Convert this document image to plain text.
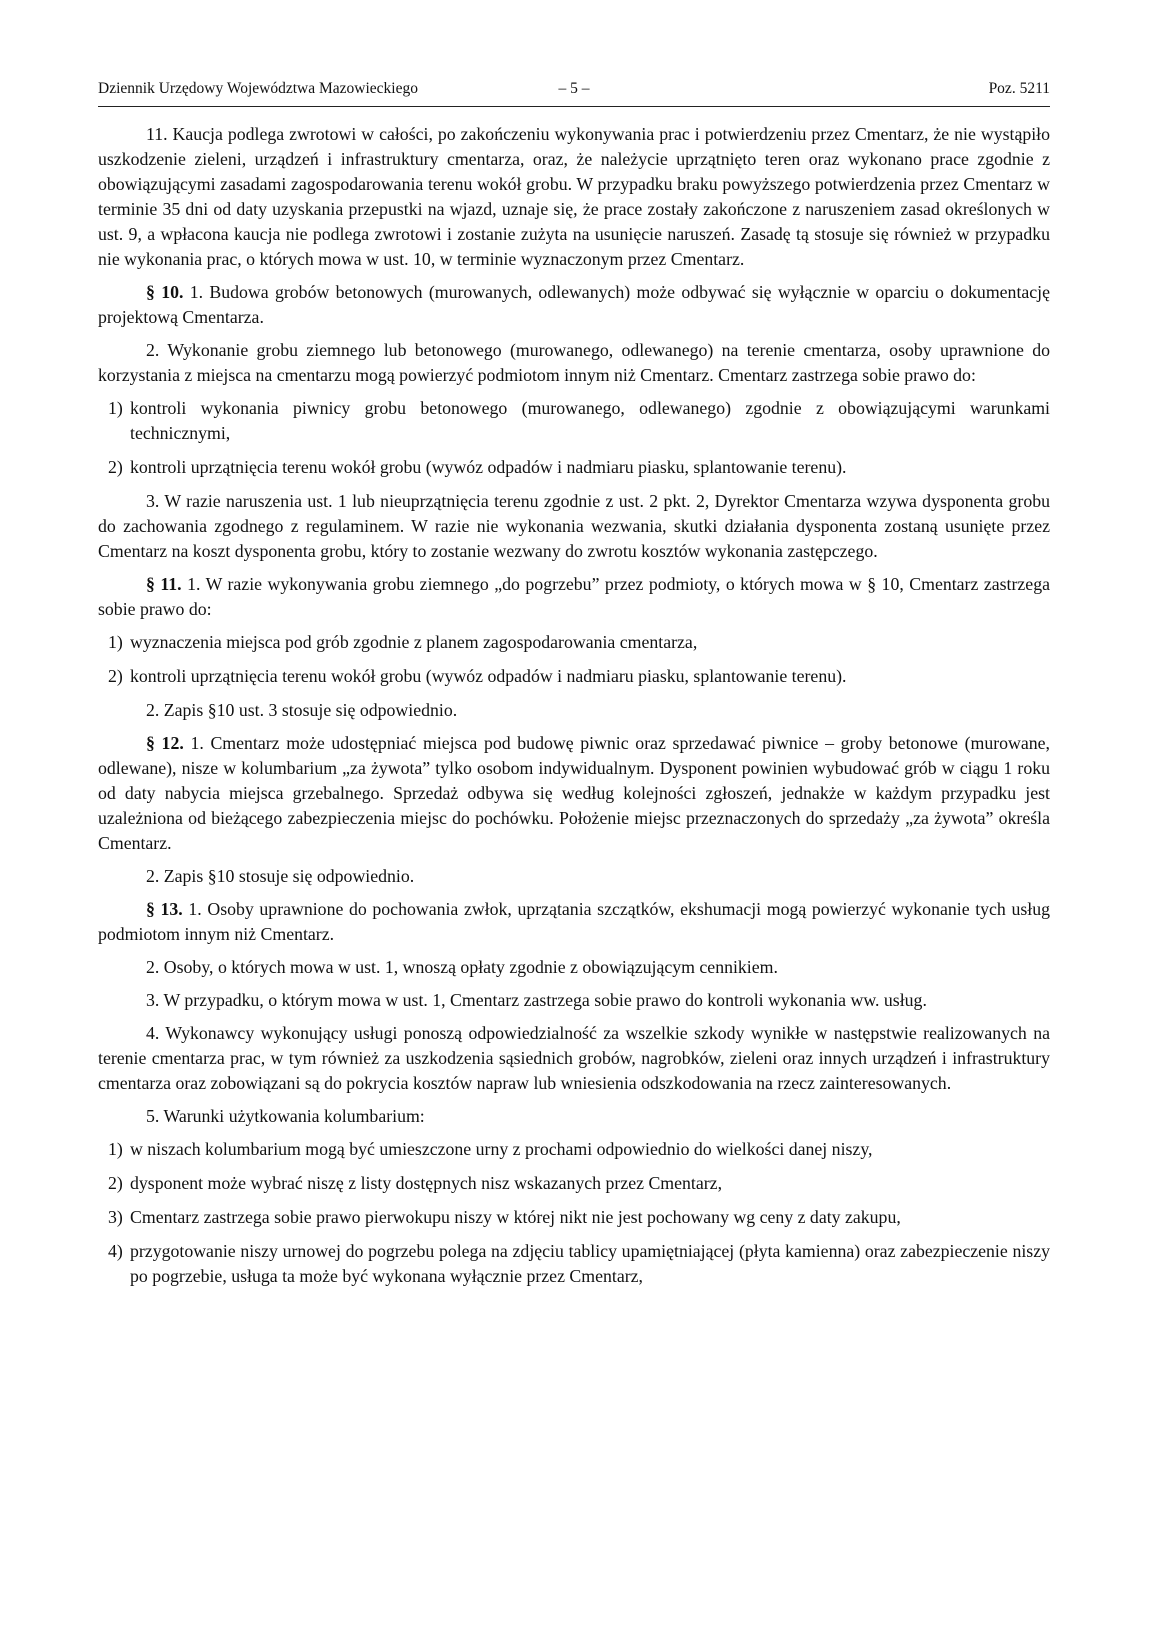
Dziennik Urzędowy Województwa Mazowieckiego	– 5 –	Poz. 5211

11. Kaucja podlega zwrotowi w całości, po zakończeniu wykonywania prac i potwierdzeniu przez Cmentarz, że nie wystąpiło uszkodzenie zieleni, urządzeń i infrastruktury cmentarza, oraz, że należycie uprzątnięto teren oraz wykonano prace zgodnie z obowiązującymi zasadami zagospodarowania terenu wokół grobu. W przypadku braku powyższego potwierdzenia przez Cmentarz w terminie 35 dni od daty uzyskania przepustki na wjazd, uznaje się, że prace zostały zakończone z naruszeniem zasad określonych w ust. 9, a wpłacona kaucja nie podlega zwrotowi i zostanie zużyta na usunięcie naruszeń. Zasadę tą stosuje się również w przypadku nie wykonania prac, o których mowa w ust. 10, w terminie wyznaczonym przez Cmentarz.

§ 10. 1. Budowa grobów betonowych (murowanych, odlewanych) może odbywać się wyłącznie w oparciu o dokumentację projektową Cmentarza.

2. Wykonanie grobu ziemnego lub betonowego (murowanego, odlewanego) na terenie cmentarza, osoby uprawnione do korzystania z miejsca na cmentarzu mogą powierzyć podmiotom innym niż Cmentarz. Cmentarz zastrzega sobie prawo do:

1) kontroli wykonania piwnicy grobu betonowego (murowanego, odlewanego) zgodnie z obowiązującymi warunkami technicznymi,

2) kontroli uprzątnięcia terenu wokół grobu (wywóz odpadów i nadmiaru piasku, splantowanie terenu).

3. W razie naruszenia ust. 1 lub nieuprzątnięcia terenu zgodnie z ust. 2 pkt. 2, Dyrektor Cmentarza wzywa dysponenta grobu do zachowania zgodnego z regulaminem. W razie nie wykonania wezwania, skutki działania dysponenta zostaną usunięte przez Cmentarz na koszt dysponenta grobu, który to zostanie wezwany do zwrotu kosztów wykonania zastępczego.

§ 11. 1. W razie wykonywania grobu ziemnego „do pogrzebu” przez podmioty, o których mowa w § 10, Cmentarz zastrzega sobie prawo do:

1) wyznaczenia miejsca pod grób zgodnie z planem zagospodarowania cmentarza,

2) kontroli uprzątnięcia terenu wokół grobu (wywóz odpadów i nadmiaru piasku, splantowanie terenu).

2. Zapis §10 ust. 3 stosuje się odpowiednio.

§ 12. 1. Cmentarz może udostępniać miejsca pod budowę piwnic oraz sprzedawać piwnice – groby betonowe (murowane, odlewane), nisze w kolumbarium „za żywota” tylko osobom indywidualnym. Dysponent powinien wybudować grób w ciągu 1 roku od daty nabycia miejsca grzebalnego. Sprzedaż odbywa się według kolejności zgłoszeń, jednakże w każdym przypadku jest uzależniona od bieżącego zabezpieczenia miejsc do pochówku. Położenie miejsc przeznaczonych do sprzedaży „za żywota” określa Cmentarz.

2. Zapis §10 stosuje się odpowiednio.

§ 13. 1. Osoby uprawnione do pochowania zwłok, uprzątania szczątków, ekshumacji mogą powierzyć wykonanie tych usług podmiotom innym niż Cmentarz.

2. Osoby, o których mowa w ust. 1, wnoszą opłaty zgodnie z obowiązującym cennikiem.

3. W przypadku, o którym mowa w ust. 1, Cmentarz zastrzega sobie prawo do kontroli wykonania ww. usług.

4. Wykonawcy wykonujący usługi ponoszą odpowiedzialność za wszelkie szkody wynikłe w następstwie realizowanych na terenie cmentarza prac, w tym również za uszkodzenia sąsiednich grobów, nagrobków, zieleni oraz innych urządzeń i infrastruktury cmentarza oraz zobowiązani są do pokrycia kosztów napraw lub wniesienia odszkodowania na rzecz zainteresowanych.

5. Warunki użytkowania kolumbarium:

1) w niszach kolumbarium mogą być umieszczone urny z prochami odpowiednio do wielkości danej niszy,

2) dysponent może wybrać niszę z listy dostępnych nisz wskazanych przez Cmentarz,

3) Cmentarz zastrzega sobie prawo pierwokupu niszy w której nikt nie jest pochowany wg ceny z daty zakupu,

4) przygotowanie niszy urnowej do pogrzebu polega na zdjęciu tablicy upamiętniającej (płyta kamienna) oraz zabezpieczenie niszy po pogrzebie, usługa ta może być wykonana wyłącznie przez Cmentarz,
